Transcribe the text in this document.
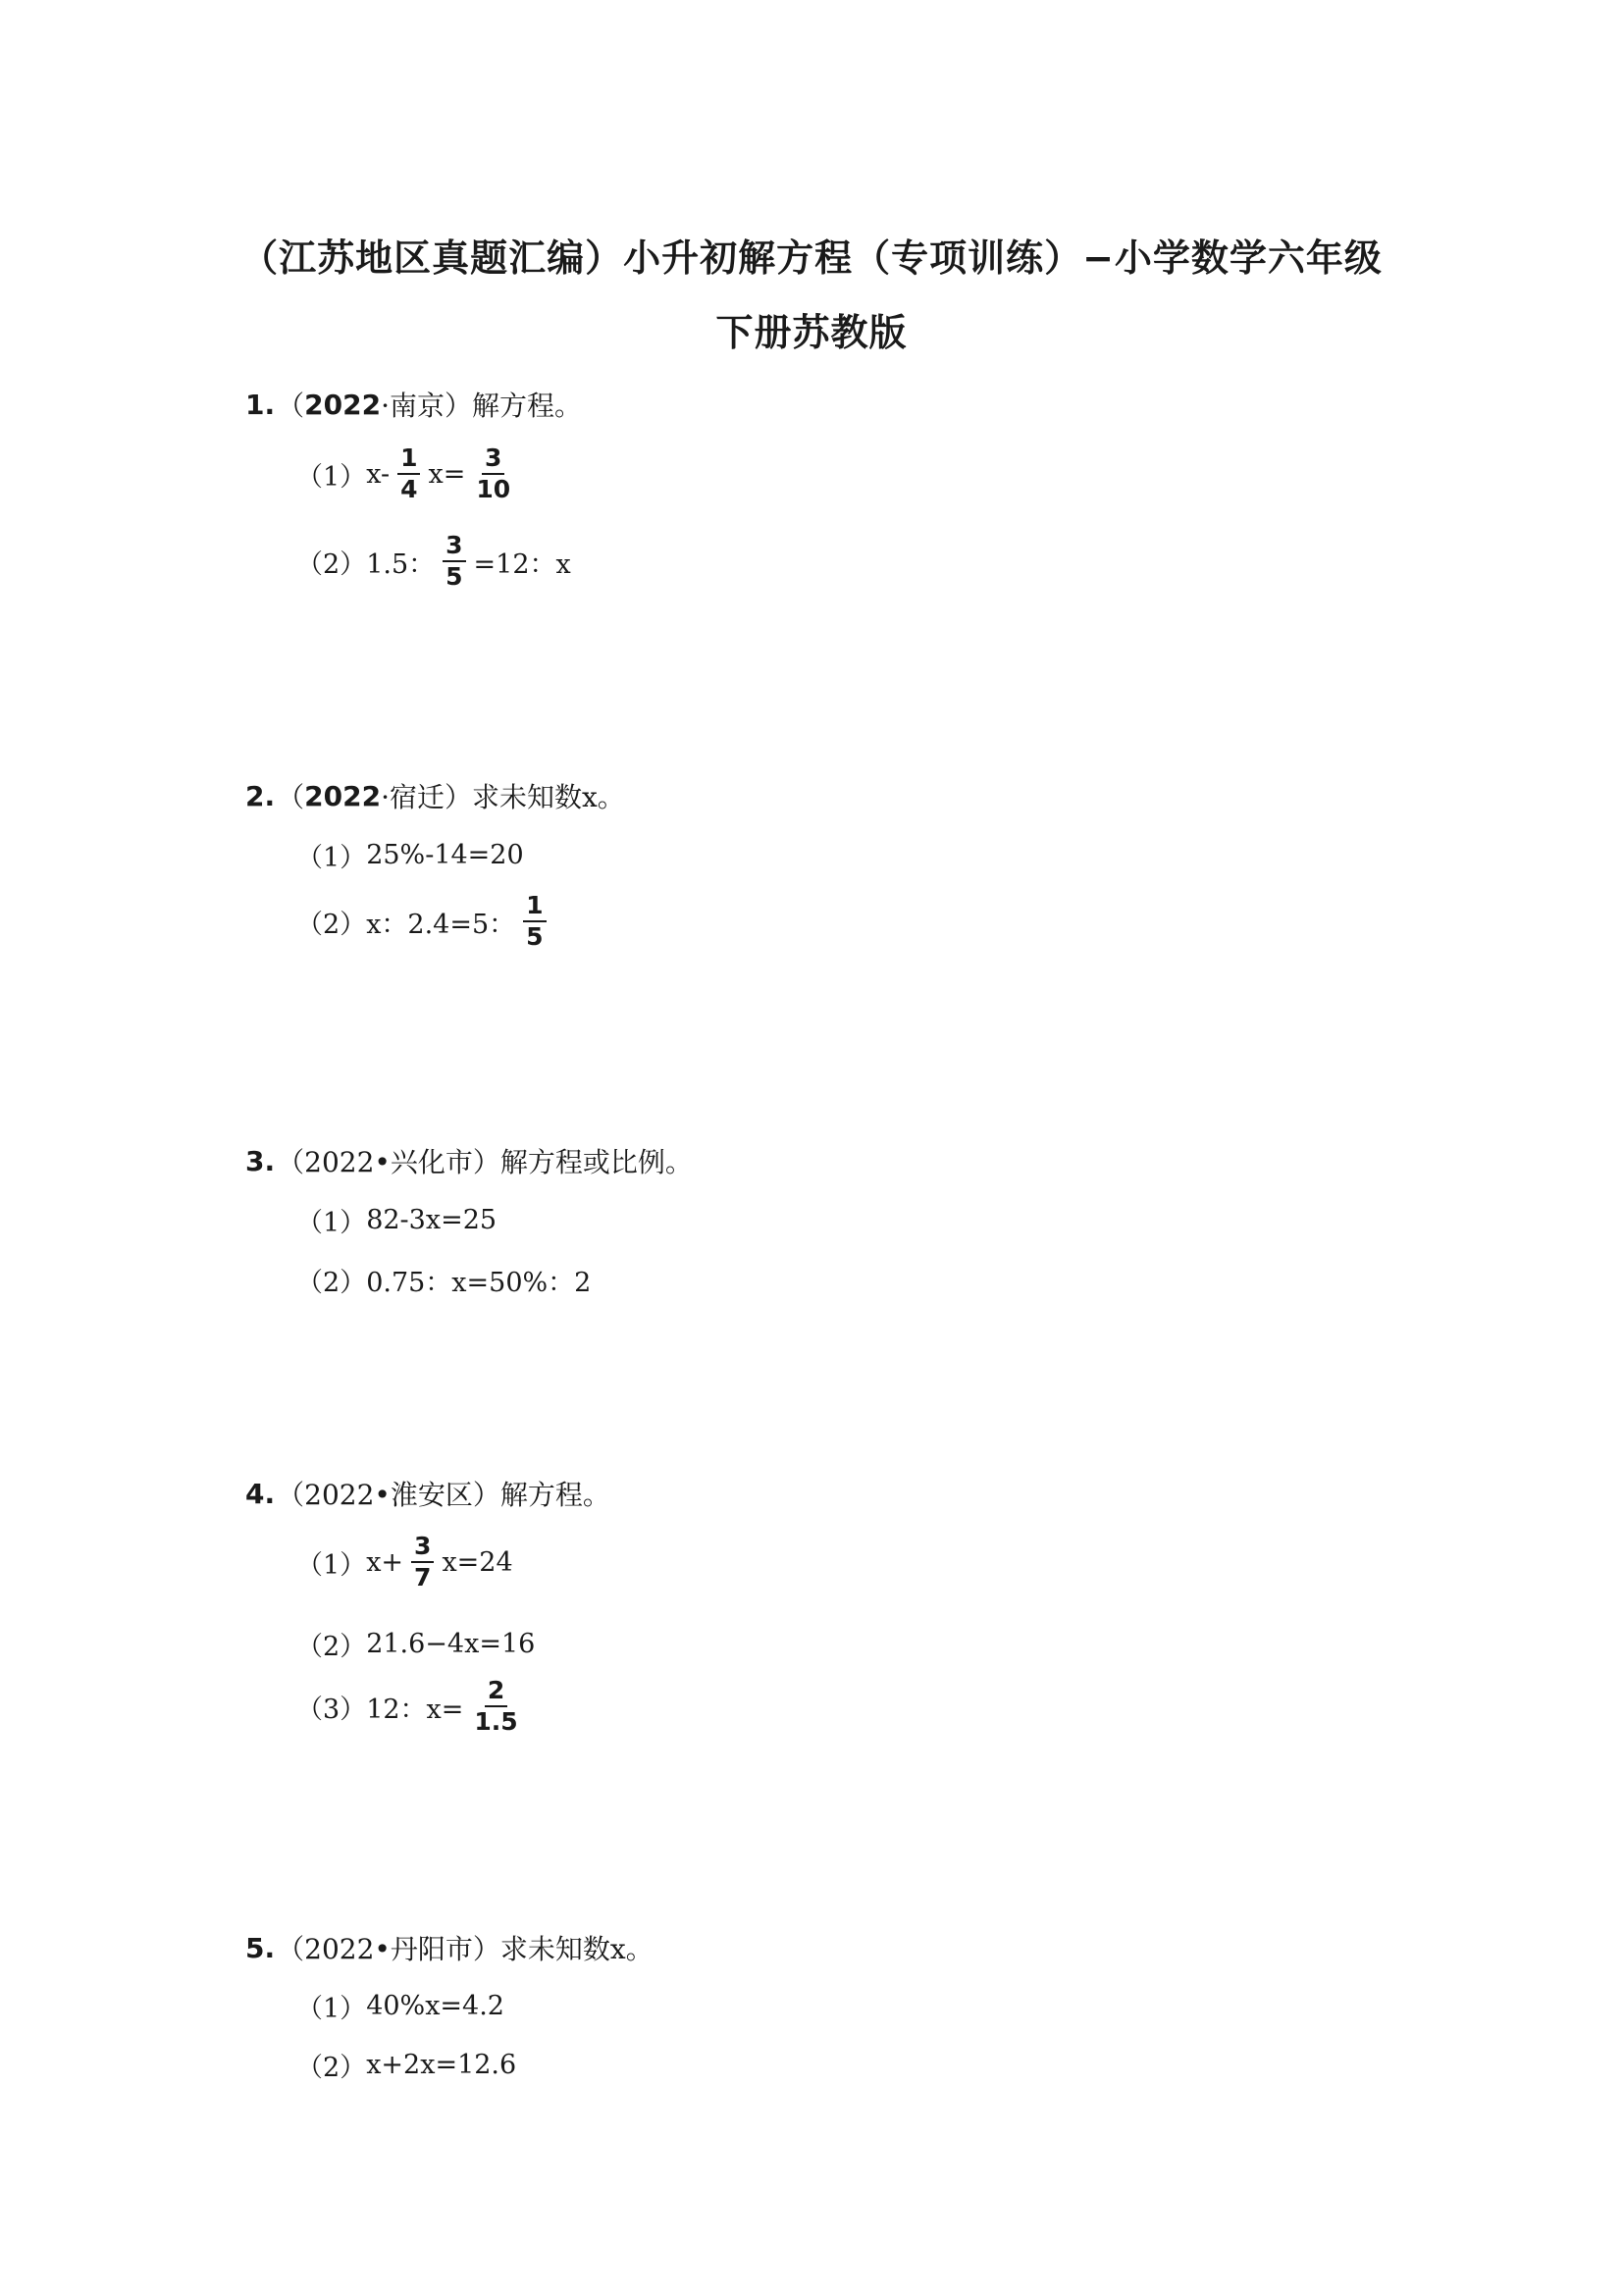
（江苏地区真题汇编）小升初解方程（专项训练）−小学数学六年级
下册苏教版
1. （ 2022 ·南京） 解方程。
（1） $x- \frac{1}{4} x= \frac{3}{10}$
（2） 1.5： $\frac{3}{5} =12$：x
2. （ 2022 ·宿迁） 求未知数x。
（1） 25%-14=20
（2） x：2.4=5： $\frac{1}{5}$
3. （2022•兴化市） 解方程或比例。
（1） 82-3x=25
（2） 0.75：x=50%：2
4. （2022•淮安区） 解方程。
（1） $x+ \frac{3}{7} x=24$
（2） 21.6−4x=16
（3） 12：$x= \frac{2}{1.5}$
5. （2022•丹阳市） 求未知数x。
（1） 40%x=4.2
（2） x+2x=12.6
